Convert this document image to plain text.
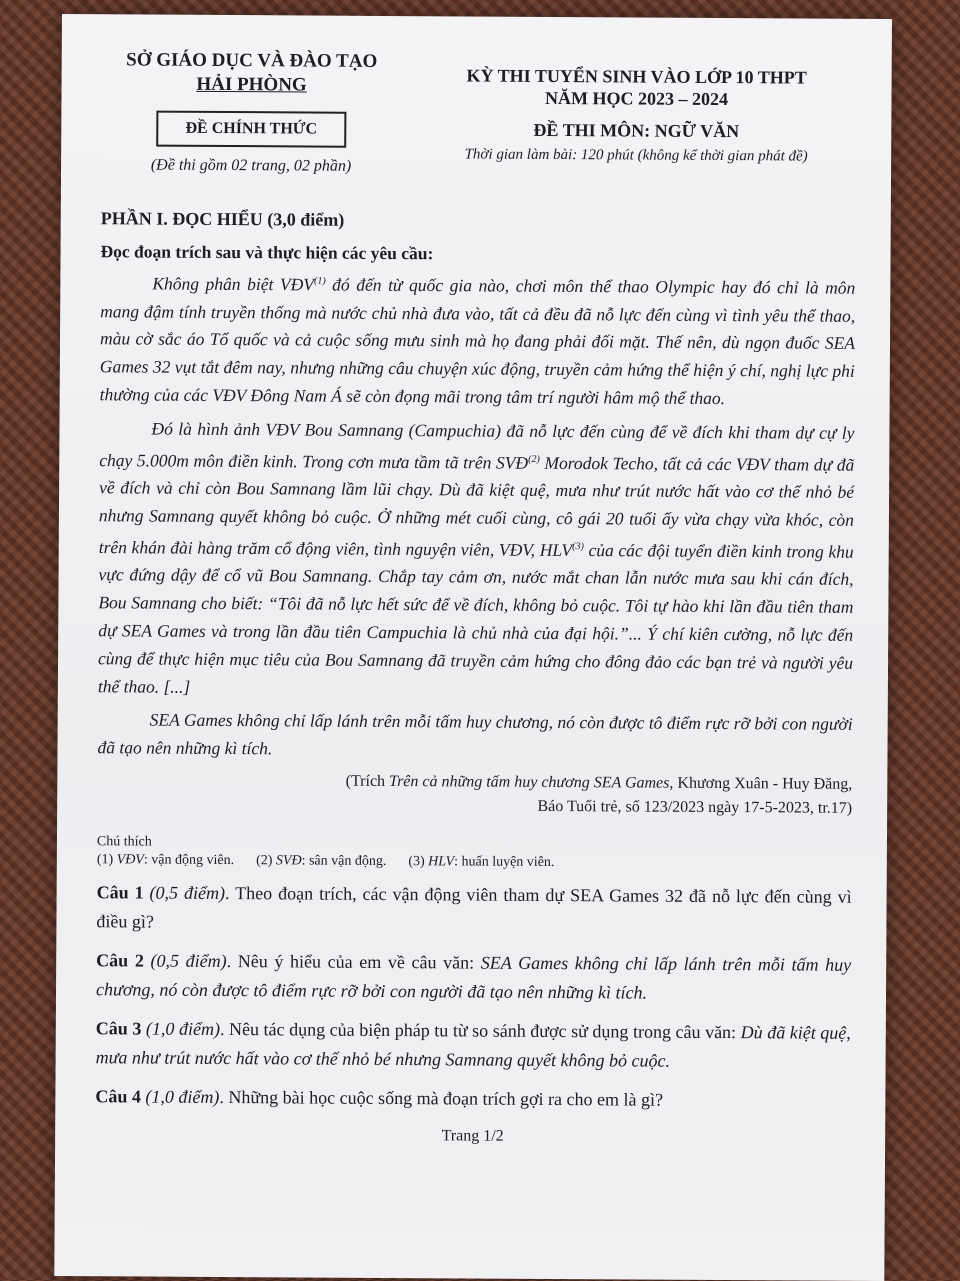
SỞ GIÁO DỤC VÀ ĐÀO TẠO
HẢI PHÒNG
ĐỀ CHÍNH THỨC
(Đề thi gồm 02 trang, 02 phần)
KỲ THI TUYỂN SINH VÀO LỚP 10 THPT
NĂM HỌC 2023 – 2024
ĐỀ THI MÔN: NGỮ VĂN
Thời gian làm bài: 120 phút (không kể thời gian phát đề)
PHẦN I. ĐỌC HIỂU (3,0 điểm)
Đọc đoạn trích sau và thực hiện các yêu cầu:

Không phân biệt VĐV$^{(1)}$ đó đến từ quốc gia nào, chơi môn thể thao Olympic hay đó chỉ là môn mang đậm tính truyền thống mà nước chủ nhà đưa vào, tất cả đều đã nỗ lực đến cùng vì tình yêu thể thao, màu cờ sắc áo Tổ quốc và cả cuộc sống mưu sinh mà họ đang phải đối mặt. Thế nên, dù ngọn đuốc SEA Games 32 vụt tắt đêm nay, nhưng những câu chuyện xúc động, truyền cảm hứng thể hiện ý chí, nghị lực phi thường của các VĐV Đông Nam Á sẽ còn đọng mãi trong tâm trí người hâm mộ thể thao.

Đó là hình ảnh VĐV Bou Samnang (Campuchia) đã nỗ lực đến cùng để về đích khi tham dự cự ly chạy 5.000m môn điền kinh. Trong cơn mưa tầm tã trên SVĐ$^{(2)}$ Morodok Techo, tất cả các VĐV tham dự đã về đích và chỉ còn Bou Samnang lầm lũi chạy. Dù đã kiệt quệ, mưa như trút nước hất vào cơ thể nhỏ bé nhưng Samnang quyết không bỏ cuộc. Ở những mét cuối cùng, cô gái 20 tuổi ấy vừa chạy vừa khóc, còn trên khán đài hàng trăm cổ động viên, tình nguyện viên, VĐV, HLV$^{(3)}$ của các đội tuyển điền kinh trong khu vực đứng dậy để cổ vũ Bou Samnang. Chắp tay cảm ơn, nước mắt chan lẫn nước mưa sau khi cán đích, Bou Samnang cho biết: “Tôi đã nỗ lực hết sức để về đích, không bỏ cuộc. Tôi tự hào khi lần đầu tiên tham dự SEA Games và trong lần đầu tiên Campuchia là chủ nhà của đại hội.”... Ý chí kiên cường, nỗ lực đến cùng để thực hiện mục tiêu của Bou Samnang đã truyền cảm hứng cho đông đảo các bạn trẻ và người yêu thể thao. [...]

SEA Games không chỉ lấp lánh trên mỗi tấm huy chương, nó còn được tô điểm rực rỡ bởi con người đã tạo nên những kì tích.

(Trích Trên cả những tấm huy chương SEA Games, Khương Xuân - Huy Đăng,
Báo Tuổi trẻ, số 123/2023 ngày 17-5-2023, tr.17)
Chú thích
(1) VĐV: vận động viên. (2) SVĐ: sân vận động. (3) HLV: huấn luyện viên.
Câu 1 (0,5 điểm). Theo đoạn trích, các vận động viên tham dự SEA Games 32 đã nỗ lực đến cùng vì điều gì?
Câu 2 (0,5 điểm). Nêu ý hiểu của em về câu văn: SEA Games không chỉ lấp lánh trên mỗi tấm huy chương, nó còn được tô điểm rực rỡ bởi con người đã tạo nên những kì tích.
Câu 3 (1,0 điểm). Nêu tác dụng của biện pháp tu từ so sánh được sử dụng trong câu văn: Dù đã kiệt quệ, mưa như trút nước hất vào cơ thể nhỏ bé nhưng Samnang quyết không bỏ cuộc.
Câu 4 (1,0 điểm). Những bài học cuộc sống mà đoạn trích gợi ra cho em là gì?
Trang 1/2
